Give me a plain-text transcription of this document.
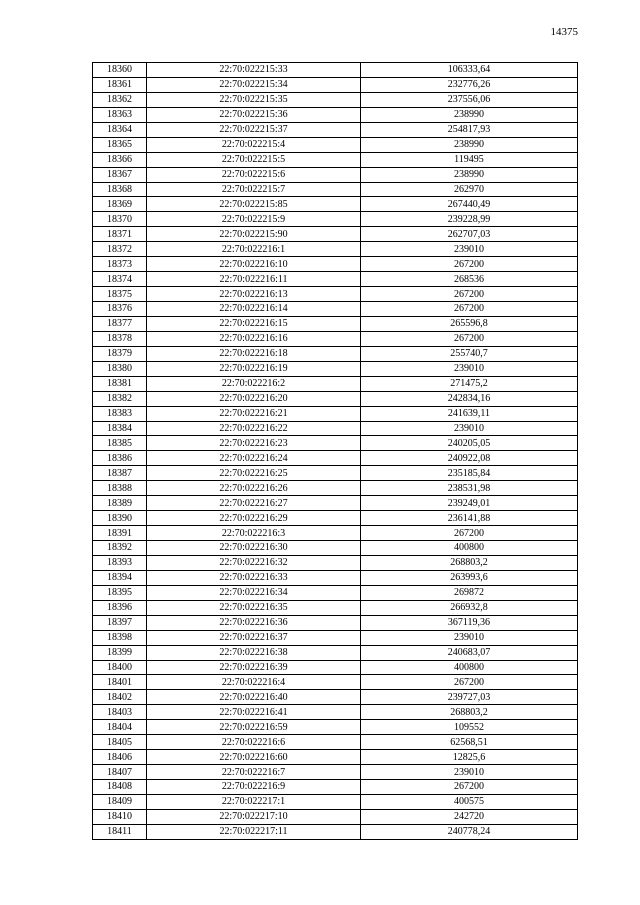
14375
18360	22:70:022215:33	106333,64
18361	22:70:022215:34	232776,26
18362	22:70:022215:35	237556,06
18363	22:70:022215:36	238990
18364	22:70:022215:37	254817,93
18365	22:70:022215:4	238990
18366	22:70:022215:5	119495
18367	22:70:022215:6	238990
18368	22:70:022215:7	262970
18369	22:70:022215:85	267440,49
18370	22:70:022215:9	239228,99
18371	22:70:022215:90	262707,03
18372	22:70:022216:1	239010
18373	22:70:022216:10	267200
18374	22:70:022216:11	268536
18375	22:70:022216:13	267200
18376	22:70:022216:14	267200
18377	22:70:022216:15	265596,8
18378	22:70:022216:16	267200
18379	22:70:022216:18	255740,7
18380	22:70:022216:19	239010
18381	22:70:022216:2	271475,2
18382	22:70:022216:20	242834,16
18383	22:70:022216:21	241639,11
18384	22:70:022216:22	239010
18385	22:70:022216:23	240205,05
18386	22:70:022216:24	240922,08
18387	22:70:022216:25	235185,84
18388	22:70:022216:26	238531,98
18389	22:70:022216:27	239249,01
18390	22:70:022216:29	236141,88
18391	22:70:022216:3	267200
18392	22:70:022216:30	400800
18393	22:70:022216:32	268803,2
18394	22:70:022216:33	263993,6
18395	22:70:022216:34	269872
18396	22:70:022216:35	266932,8
18397	22:70:022216:36	367119,36
18398	22:70:022216:37	239010
18399	22:70:022216:38	240683,07
18400	22:70:022216:39	400800
18401	22:70:022216:4	267200
18402	22:70:022216:40	239727,03
18403	22:70:022216:41	268803,2
18404	22:70:022216:59	109552
18405	22:70:022216:6	62568,51
18406	22:70:022216:60	12825,6
18407	22:70:022216:7	239010
18408	22:70:022216:9	267200
18409	22:70:022217:1	400575
18410	22:70:022217:10	242720
18411	22:70:022217:11	240778,24
